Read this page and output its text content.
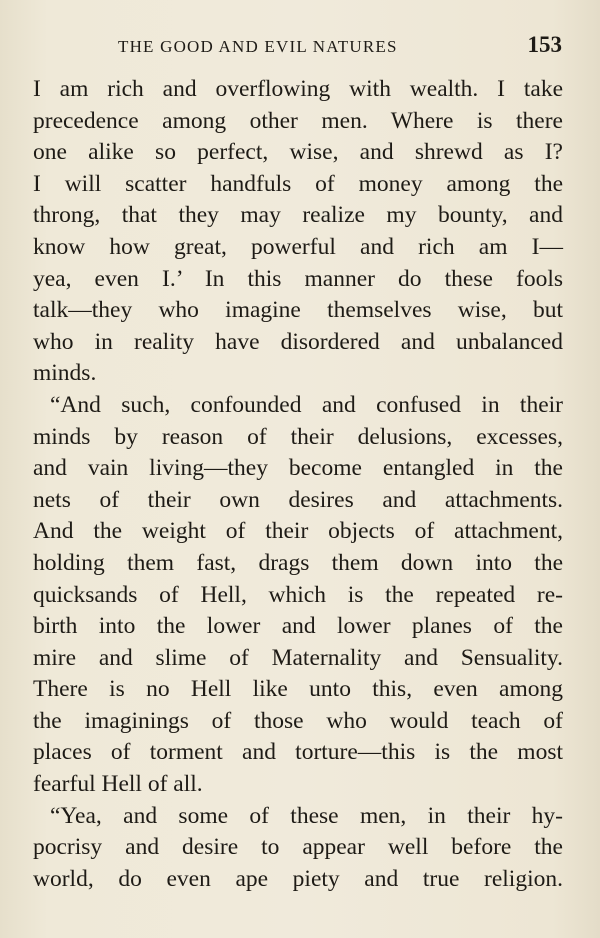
THE GOOD AND EVIL NATURES	153
I am rich and overflowing with wealth. I take
precedence among other men. Where is there
one alike so perfect, wise, and shrewd as I?
I will scatter handfuls of money among the
throng, that they may realize my bounty, and
know how great, powerful and rich am I—
yea, even I.’ In this manner do these fools
talk—they who imagine themselves wise, but
who in reality have disordered and unbalanced
minds.
“And such, confounded and confused in their
minds by reason of their delusions, excesses,
and vain living—they become entangled in the
nets of their own desires and attachments.
And the weight of their objects of attachment,
holding them fast, drags them down into the
quicksands of Hell, which is the repeated re-
birth into the lower and lower planes of the
mire and slime of Maternality and Sensuality.
There is no Hell like unto this, even among
the imaginings of those who would teach of
places of torment and torture—this is the most
fearful Hell of all.
“Yea, and some of these men, in their hy-
pocrisy and desire to appear well before the
world, do even ape piety and true religion.
